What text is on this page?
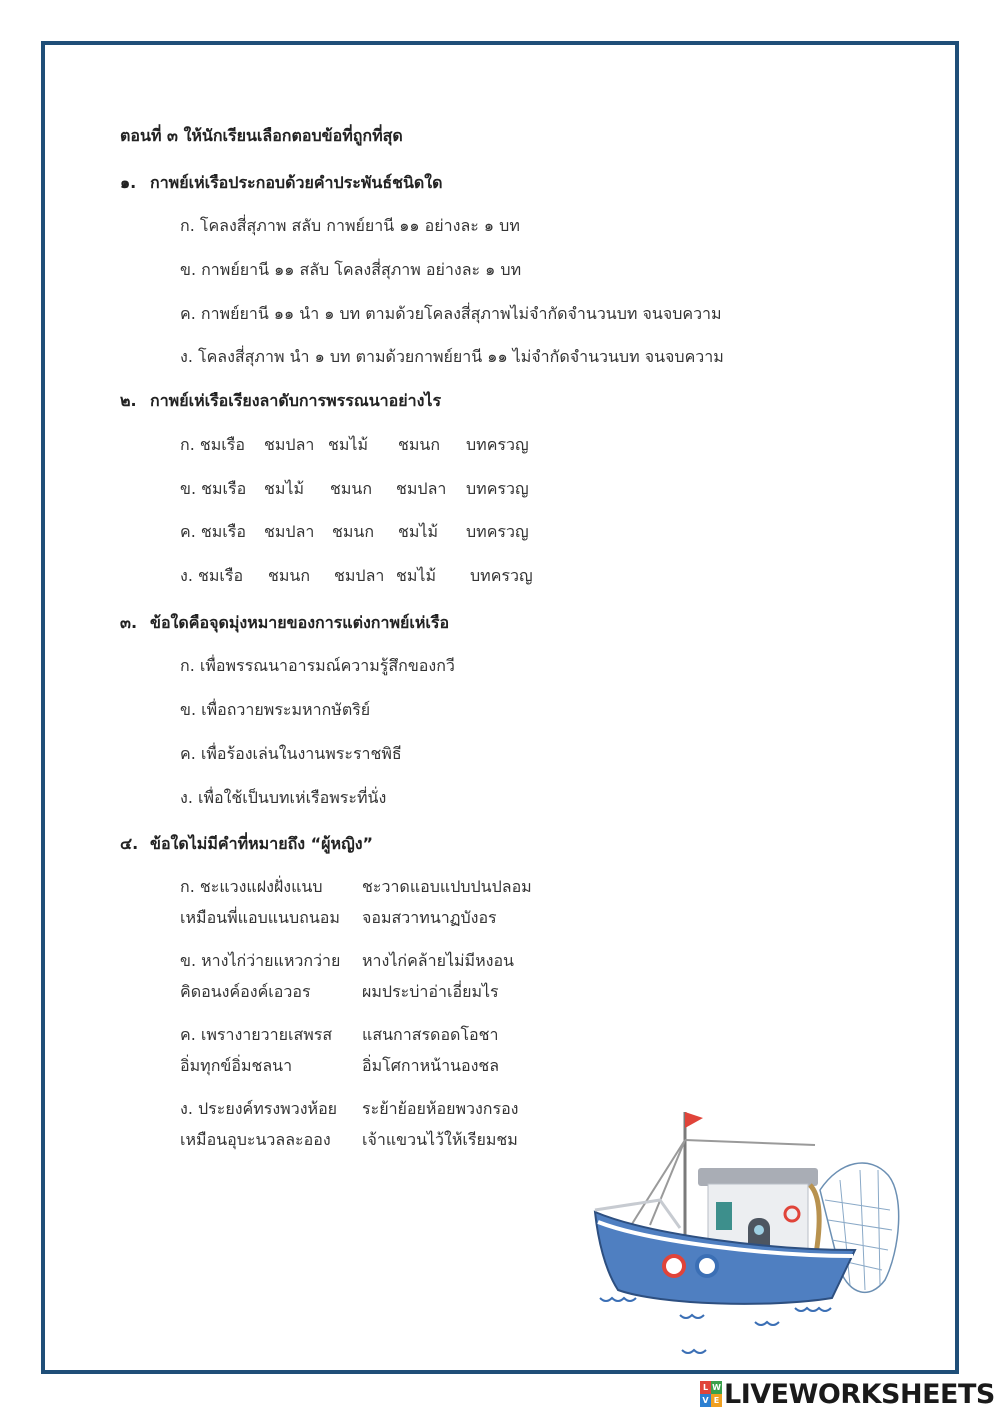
ตอนที่ ๓ ให้นักเรียนเลือกตอบข้อที่ถูกที่สุด
๑. กาพย์เห่เรือประกอบด้วยคำประพันธ์ชนิดใด
ก. โคลงสี่สุภาพ สลับ กาพย์ยานี ๑๑ อย่างละ ๑ บท
ข. กาพย์ยานี ๑๑ สลับ โคลงสี่สุภาพ อย่างละ ๑ บท
ค. กาพย์ยานี ๑๑ นำ ๑ บท ตามด้วยโคลงสี่สุภาพไม่จำกัดจำนวนบท จนจบความ
ง. โคลงสี่สุภาพ นำ ๑ บท ตามด้วยกาพย์ยานี ๑๑ ไม่จำกัดจำนวนบท จนจบความ
๒. กาพย์เห่เรือเรียงลาดับการพรรณนาอย่างไร
ก. ชมเรือ ชมปลา ชมไม้ ชมนก บทครวญ
ข. ชมเรือ ชมไม้ ชมนก ชมปลา บทครวญ
ค. ชมเรือ ชมปลา ชมนก ชมไม้ บทครวญ
ง. ชมเรือ ชมนก ชมปลา ชมไม้ บทครวญ
๓. ข้อใดคือจุดมุ่งหมายของการแต่งกาพย์เห่เรือ
ก. เพื่อพรรณนาอารมณ์ความรู้สึกของกวี
ข. เพื่อถวายพระมหากษัตริย์
ค. เพื่อร้องเล่นในงานพระราชพิธี
ง. เพื่อใช้เป็นบทเห่เรือพระที่นั่ง
๔. ข้อใดไม่มีคำที่หมายถึง “ผู้หญิง”
ก. ชะแวงแฝงฝั่งแนบ ชะวาดแอบแปบปนปลอม
เหมือนพี่แอบแนบถนอม จอมสวาทนาฏบังอร
ข. หางไก่ว่ายแหวกว่าย หางไก่คล้ายไม่มีหงอน
คิดอนงค์องค์เอวอร	ผมประบ่าอ่าเอี่ยมไร
ค. เพรางายวายเสพรส แสนกาสรดอดโอชา
อิ่มทุกข์อิ่มชลนา	อิ่มโศกาหน้านองชล
ง. ประยงค์ทรงพวงห้อย ระย้าย้อยห้อยพวงกรอง
เหมือนอุบะนวลละออง เจ้าแขวนไว้ให้เรียมชม
L W
V E LIVEWORKSHEETS
